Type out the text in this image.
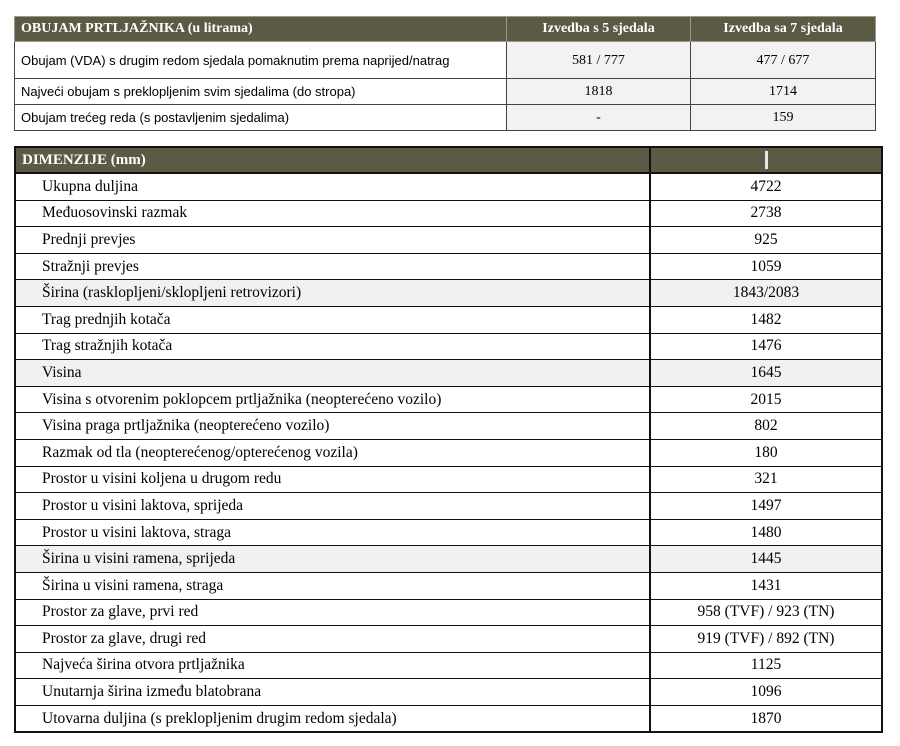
OBUJAM PRTLJAŽNIKA (u litrama)	Izvedba s 5 sjedala	Izvedba sa 7 sjedala
Obujam (VDA) s drugim redom sjedala pomaknutim prema naprijed/natrag	581 / 777	477 / 677
Najveći obujam s preklopljenim svim sjedalima (do stropa)	1818	1714
Obujam trećeg reda (s postavljenim sjedalima)	-	159
DIMENZIJE (mm)	
Ukupna duljina	4722
Međuosovinski razmak	2738
Prednji prevjes	925
Stražnji prevjes	1059
Širina (rasklopljeni/sklopljeni retrovizori)	1843/2083
Trag prednjih kotača	1482
Trag stražnjih kotača	1476
Visina	1645
Visina s otvorenim poklopcem prtljažnika (neopterećeno vozilo)	2015
Visina praga prtljažnika (neopterećeno vozilo)	802
Razmak od tla (neopterećenog/opterećenog vozila)	180
Prostor u visini koljena u drugom redu	321
Prostor u visini laktova, sprijeda	1497
Prostor u visini laktova, straga	1480
Širina u visini ramena, sprijeda	1445
Širina u visini ramena, straga	1431
Prostor za glave, prvi red	958 (TVF) / 923 (TN)
Prostor za glave, drugi red	919 (TVF) / 892 (TN)
Najveća širina otvora prtljažnika	1125
Unutarnja širina između blatobrana	1096
Utovarna duljina (s preklopljenim drugim redom sjedala)	1870
